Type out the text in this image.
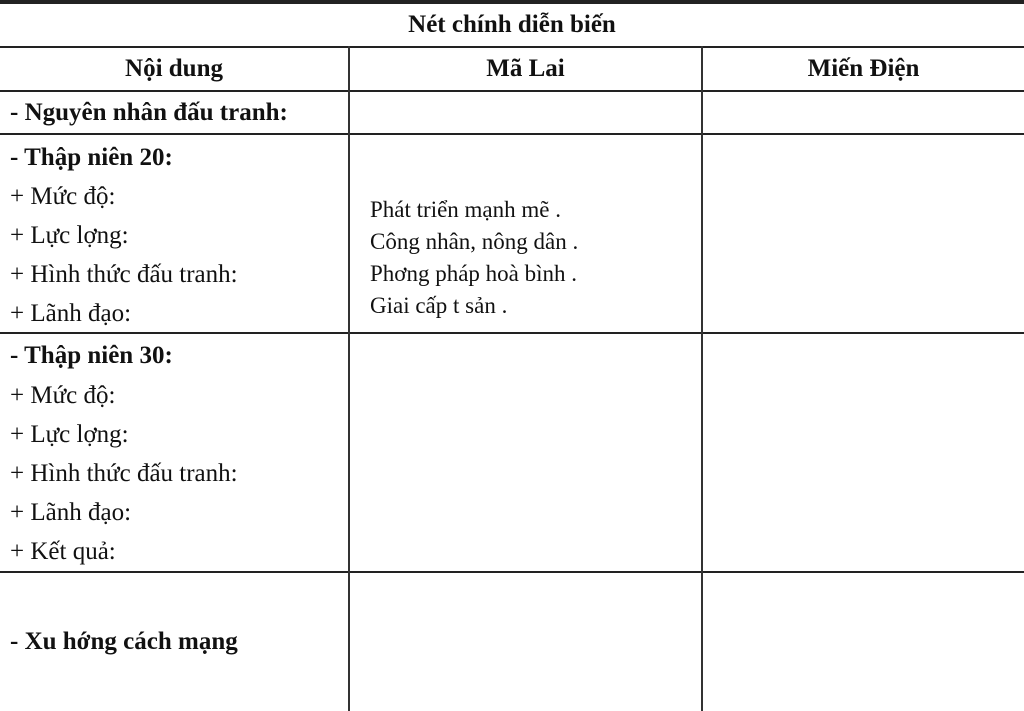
Nét chính diễn biến
Nội dung	Mã Lai	Miến Điện
- Nguyên nhân đấu tranh:
- Thập niên 20:
+ Mức độ:
+ Lực lợng:
+ Hình thức đấu tranh:
+ Lãnh đạo:
Phát triển mạnh mẽ .
Công nhân, nông dân .
Phơng pháp hoà bình .
Giai cấp t sản .
- Thập niên 30:
+ Mức độ:
+ Lực lợng:
+ Hình thức đấu tranh:
+ Lãnh đạo:
+ Kết quả:
- Xu hớng cách mạng
